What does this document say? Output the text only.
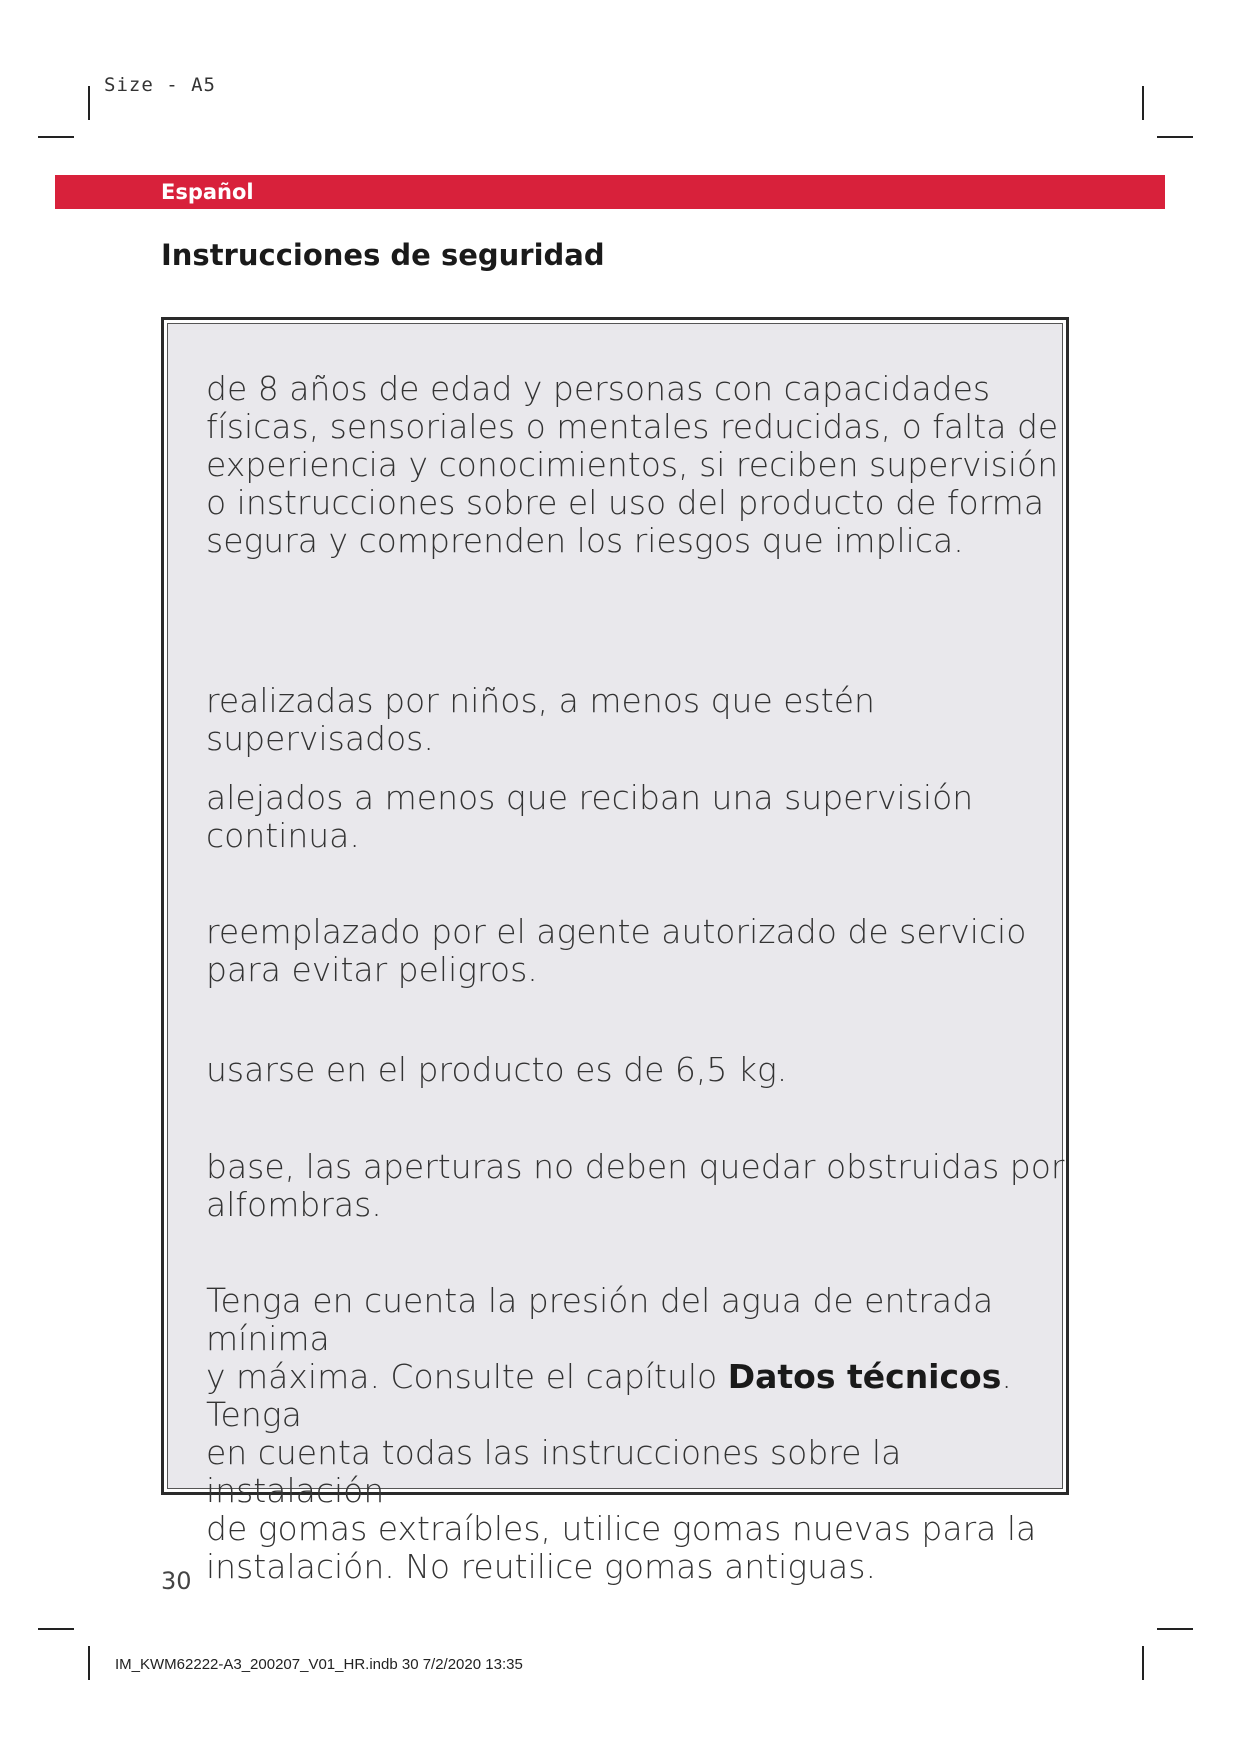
Size - A5
Español
Instrucciones de seguridad

de 8 años de edad y personas con capacidades
físicas, sensoriales o mentales reducidas, o falta de
experiencia y conocimientos, si reciben supervisión
o instrucciones sobre el uso del producto de forma
segura y comprenden los riesgos que implica.

realizadas por niños, a menos que estén supervisados.

alejados a menos que reciban una supervisión
continua.

reemplazado por el agente autorizado de servicio
para evitar peligros.

usarse en el producto es de 6,5 kg.

base, las aperturas no deben quedar obstruidas por
alfombras.

Tenga en cuenta la presión del agua de entrada mínima
y máxima. Consulte el capítulo Datos técnicos. Tenga
en cuenta todas las instrucciones sobre la instalación
de gomas extraíbles, utilice gomas nuevas para la
instalación. No reutilice gomas antiguas.

30
IM_KWM62222-A3_200207_V01_HR.indb 30 7/2/2020 13:35
